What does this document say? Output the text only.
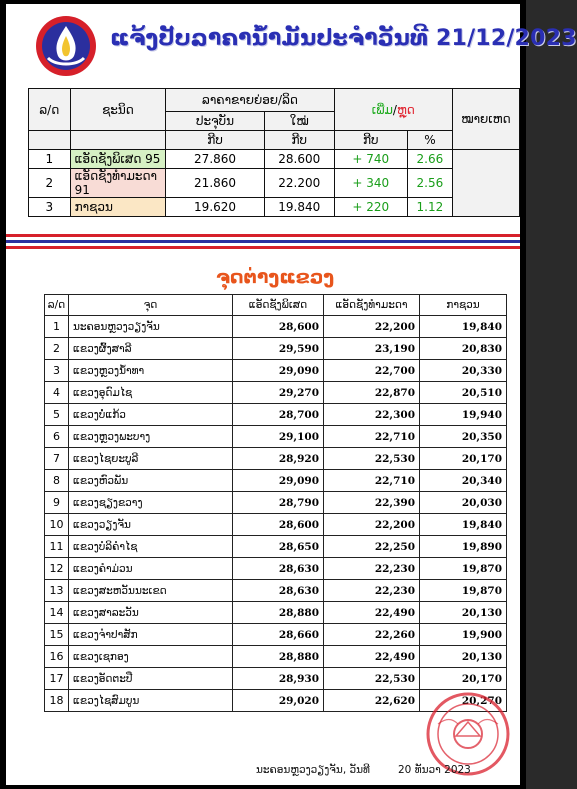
ແຈ້ງປັບລາຄານ້ຳມັນປະຈຳວັນທີ 21/12/2023
ລ/ດ	ຊະນິດ	ລາຄາຂາຍຍ່ອຍ/ລິດ		ເພີ່ມ/ຫຼຸດ		ໝາຍເຫດ
		ປະຈຸບັນ	ໃໝ່			
		ກີບ	ກີບ	ກີບ	%	
1	ແອັດຊັງພິເສດ 95	27.860	28.600	+ 740	2.66	
2	ແອັດຊັງທຳມະດາ 91	21.860	22.200	+ 340	2.56	
3	ກາຊວນ	19.620	19.840	+ 220	1.12	
ຈຸດຕ່າງແຂວງ
ລ/ດ	ຈຸດ	ແອັດຊັງພິເສດ	ແອັດຊັງທຳມະດາ	ກາຊວນ
1	ນະຄອນຫຼວງວຽງຈັນ	28,600	22,200	19,840
2	ແຂວງຜົ້ງສາລີ	29,590	23,190	20,830
3	ແຂວງຫຼວງນ້ຳທາ	29,090	22,700	20,330
4	ແຂວງອຸດົມໄຊ	29,270	22,870	20,510
5	ແຂວງບໍ່ແກ້ວ	28,700	22,300	19,940
6	ແຂວງຫຼວງພະບາງ	29,100	22,710	20,350
7	ແຂວງໄຊຍະບູລີ	28,920	22,530	20,170
8	ແຂວງຫົວພັນ	29,090	22,710	20,340
9	ແຂວງຊຽງຂວາງ	28,790	22,390	20,030
10	ແຂວງວຽງຈັນ	28,600	22,200	19,840
11	ແຂວງບໍລິຄຳໄຊ	28,650	22,250	19,890
12	ແຂວງຄຳມ່ວນ	28,630	22,230	19,870
13	ແຂວງສະຫວັນນະເຂດ	28,630	22,230	19,870
14	ແຂວງສາລະວັນ	28,880	22,490	20,130
15	ແຂວງຈຳປາສັກ	28,660	22,260	19,900
16	ແຂວງເຊກອງ	28,880	22,490	20,130
17	ແຂວງອັດຕະປື	28,930	22,530	20,170
18	ແຂວງໄຊສົມບູນ	29,020	22,620	20,270
ນະຄອນຫຼວງວຽງຈັນ, ວັນທີ	20 ທັນວາ 2023
